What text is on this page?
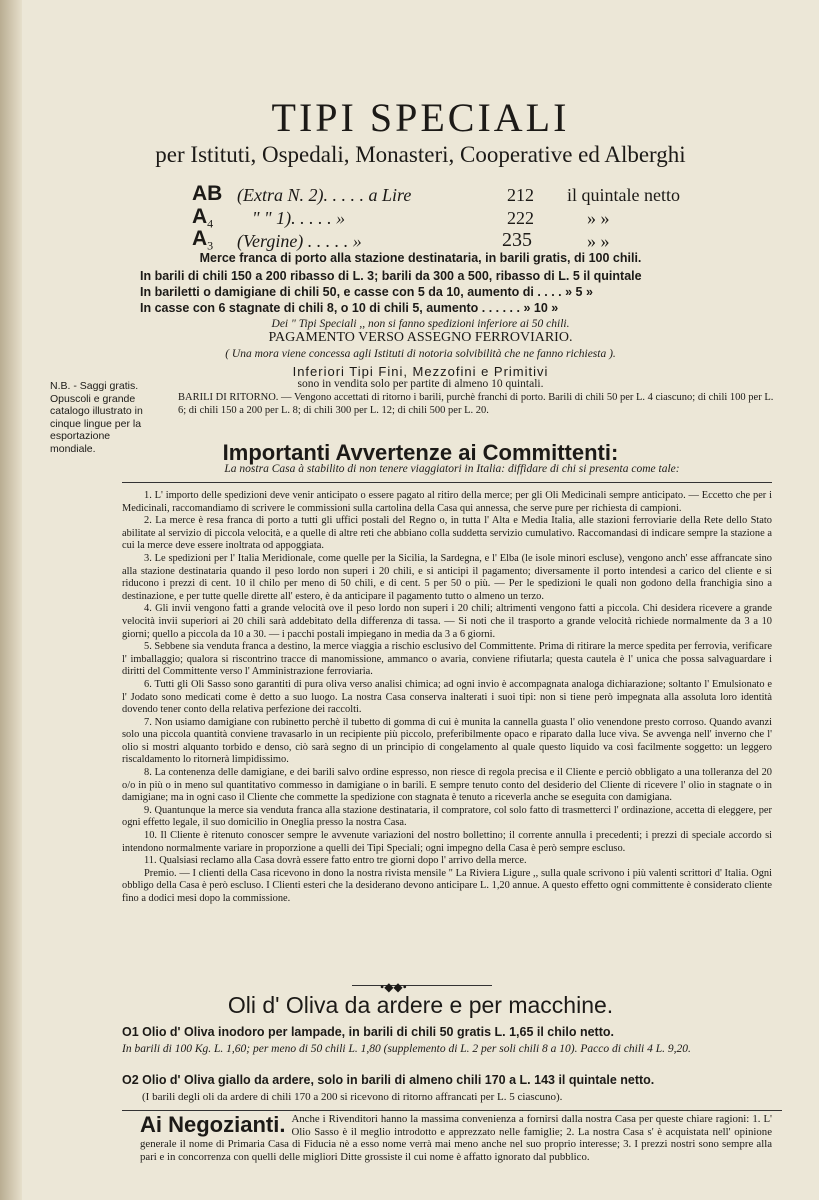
TIPI SPECIALI
per Istituti, Ospedali, Monasteri, Cooperative ed Alberghi
AB (Extra N. 2). . . . . a Lire	212 il quintale netto
$A_4$ " " 1). . . . . »	222	» »
$A_3$ (Vergine) . . . . . »	235	» »
Merce franca di porto alla stazione destinataria, in barili gratis, di 100 chili.
In barili di chili 150 a 200 ribasso di L. 3; barili da 300 a 500, ribasso di L. 5 il quintale
In bariletti o damigiane di chili 50, e casse con 5 da 10, aumento di . . . . » 5 »
In casse con 6 stagnate di chili 8, o 10 di chili 5, aumento . . . . . . » 10 »
Dei " Tipi Speciali ,, non si fanno spedizioni inferiore ai 50 chili.
PAGAMENTO VERSO ASSEGNO FERROVIARIO.
( Una mora viene concessa agli Istituti di notoria solvibilità che ne fanno richiesta ).
Inferiori Tipi Fini, Mezzofini e Primitivi
sono in vendita solo per partite di almeno 10 quintali.
N.B. - Saggi gratis. Opuscoli e grande catalogo illustrato in cinque lingue per la esportazione mondiale.
BARILI DI RITORNO. — Vengono accettati di ritorno i barili, purchè franchi di porto. Barili di chili 50 per L. 4 ciascuno; di chili 100 per L. 6; di chili 150 a 200 per L. 8; di chili 300 per L. 12; di chili 500 per L. 20.
Importanti Avvertenze ai Committenti:
La nostra Casa à stabilito di non tenere viaggiatori in Italia: diffidare di chi si presenta come tale:

1. L' importo delle spedizioni deve venir anticipato o essere pagato al ritiro della merce; per gli Oli Medicinali sempre anticipato. — Eccetto che per i Medicinali, raccomandiamo di scrivere le commissioni sulla cartolina della Casa qui annessa, che serve pure per richiesta di campioni.

2. La merce è resa franca di porto a tutti gli uffici postali del Regno o, in tutta l' Alta e Media Italia, alle stazioni ferroviarie della Rete dello Stato abilitate al servizio di piccola velocità, e a quelle di altre reti che abbiano colla suddetta servizio cumulativo. Raccomandasi di indicare sempre la stazione a cui la merce deve essere inoltrata od appoggiata.

3. Le spedizioni per l' Italia Meridionale, come quelle per la Sicilia, la Sardegna, e l' Elba (le isole minori escluse), vengono anch' esse affrancate sino alla stazione destinataria quando il peso lordo non superi i 20 chili, e si anticipi il pagamento; diversamente il porto intendesi a carico del cliente e si riducono i prezzi di cent. 10 il chilo per meno di 50 chili, e di cent. 5 per 50 o più. — Per le spedizioni le quali non godono della franchigia sino a destinazione, e per tutte quelle dirette all' estero, è da anticipare il pagamento tutto o almeno un terzo.

4. Gli invii vengono fatti a grande velocità ove il peso lordo non superi i 20 chili; altrimenti vengono fatti a piccola. Chi desidera ricevere a grande velocità invii superiori ai 20 chili sarà addebitato della differenza di tassa. — Si noti che il trasporto a grande velocità richiede normalmente da 3 a 10 giorni; quello a piccola da 10 a 30. — i pacchi postali impiegano in media da 3 a 6 giorni.

5. Sebbene sia venduta franca a destino, la merce viaggia a rischio esclusivo del Committente. Prima di ritirare la merce spedita per ferrovia, verificare l' imballaggio; qualora si riscontrino tracce di manomissione, ammanco o avaria, conviene rifiutarla; questa cautela è l' unica che possa salvaguardare i diritti del Committente verso l' Amministrazione ferroviaria.

6. Tutti gli Oli Sasso sono garantiti di pura oliva verso analisi chimica; ad ogni invio è accompagnata analoga dichiarazione; soltanto l' Emulsionato e l' Jodato sono medicati come è detto a suo luogo. La nostra Casa conserva inalterati i suoi tipi: non si tiene però impegnata alla assoluta loro identità dovendo tener conto della relativa perfezione dei raccolti.

7. Non usiamo damigiane con rubinetto perchè il tubetto di gomma di cui è munita la cannella guasta l' olio venendone presto corroso. Quando avanzi solo una piccola quantità conviene travasarlo in un recipiente più piccolo, preferibilmente opaco e riparato dalla luce viva. Se avvenga nell' inverno che l' olio si mostri alquanto torbido e denso, ciò sarà segno di un principio di congelamento al quale questo liquido va così facilmente soggetto: un leggero riscaldamento lo ritornerà limpidissimo.

8. La contenenza delle damigiane, e dei barili salvo ordine espresso, non riesce di regola precisa e il Cliente e perciò obbligato a una tolleranza del 20 o/o in più o in meno sul quantitativo commesso in damigiane o in barili. E sempre tenuto conto del desiderio del Cliente di ricevere l' olio in stagnate o in damigiane; ma in ogni caso il Cliente che commette la spedizione con stagnata è tenuto a riceverla anche se eseguita con damigiana.

9. Quantunque la merce sia venduta franca alla stazione destinataria, il compratore, col solo fatto di trasmetterci l' ordinazione, accetta di eleggere, per ogni effetto legale, il suo domicilio in Oneglia presso la nostra Casa.

10. Il Cliente è ritenuto conoscer sempre le avvenute variazioni del nostro bollettino; il corrente annulla i precedenti; i prezzi di speciale accordo si intendono normalmente variare in proporzione a quelli dei Tipi Speciali; ogni impegno della Casa è però sempre escluso.

11. Qualsiasi reclamo alla Casa dovrà essere fatto entro tre giorni dopo l' arrivo della merce.

Premio. — I clienti della Casa ricevono in dono la nostra rivista mensile " La Riviera Ligure ,, sulla quale scrivono i più valenti scrittori d' Italia. Ogni obbligo della Casa è però escluso. I Clienti esteri che la desiderano devono anticipare L. 1,20 annue. A questo effetto ogni committente è considerato cliente fino a dodici mesi dopo la commissione.

•◆◆•
Oli d' Oliva da ardere e per macchine.
O1 Olio d' Oliva inodoro per lampade, in barili di chili 50 gratis L. 1,65 il chilo netto.
In barili di 100 Kg. L. 1,60; per meno di 50 chili L. 1,80 (supplemento di L. 2 per soli chili 8 a 10). Pacco di chili 4 L. 9,20.
O2 Olio d' Oliva giallo da ardere, solo in barili di almeno chili 170 a L. 143 il quintale netto.
(I barili degli oli da ardere di chili 170 a 200 si ricevono di ritorno affrancati per L. 5 ciascuno).
Ai Negozianti. Anche i Rivenditori hanno la massima convenienza a fornirsi dalla nostra Casa per queste chiare ragioni: 1. L' Olio Sasso è il meglio introdotto e apprezzato nelle famiglie; 2. La nostra Casa s' è acquistata nell' opinione generale il nome di Primaria Casa di Fiducia nè a esso nome verrà mai meno anche nel suo proprio interesse; 3. I prezzi nostri sono sempre alla pari e in concorrenza con quelli delle migliori Ditte grossiste il cui nome è affatto ignorato dal pubblico.
